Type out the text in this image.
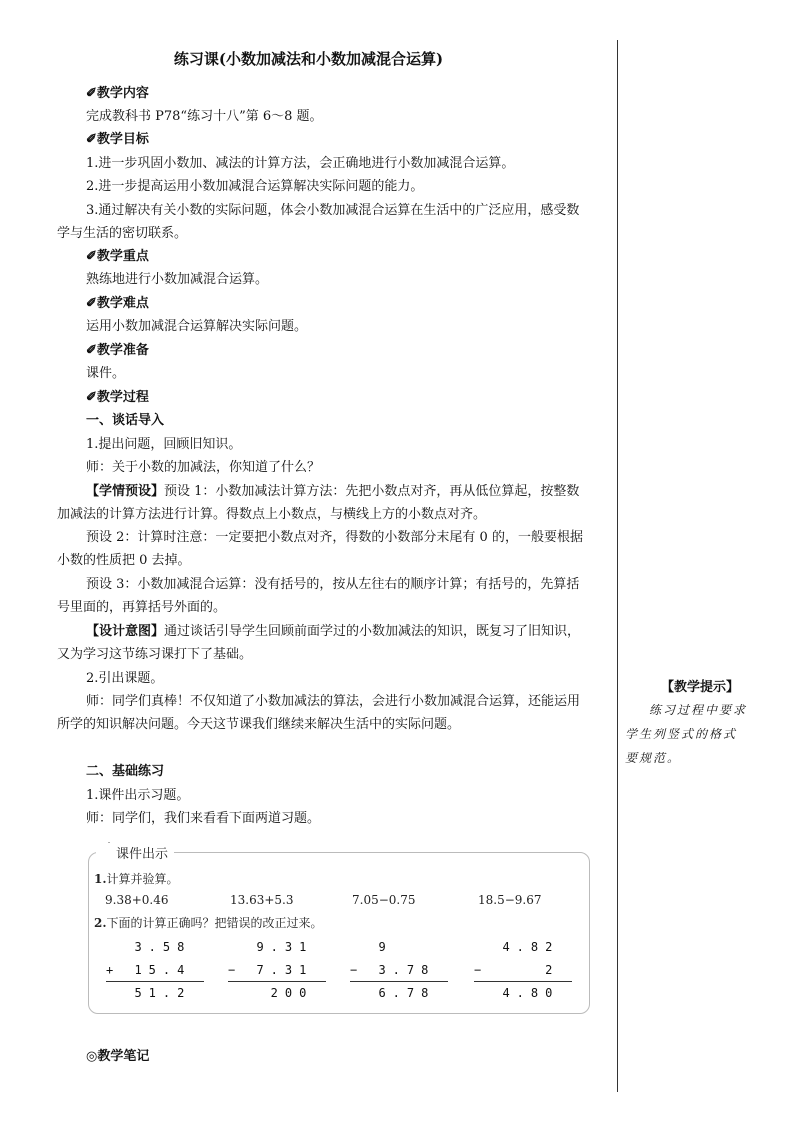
练习课(小数加减法和小数加减混合运算)
✐教学内容
完成教科书 P78“练习十八”第 6～8 题。
✐教学目标
1.进一步巩固小数加、减法的计算方法，会正确地进行小数加减混合运算。
2.进一步提高运用小数加减混合运算解决实际问题的能力。
3.通过解决有关小数的实际问题，体会小数加减混合运算在生活中的广泛应用，感受数
学与生活的密切联系。
✐教学重点
熟练地进行小数加减混合运算。
✐教学难点
运用小数加减混合运算解决实际问题。
✐教学准备
课件。
✐教学过程
一、谈话导入
1.提出问题，回顾旧知识。
师：关于小数的加减法，你知道了什么？
【学情预设】预设 1：小数加减法计算方法：先把小数点对齐，再从低位算起，按整数
加减法的计算方法进行计算。得数点上小数点，与横线上方的小数点对齐。
预设 2：计算时注意：一定要把小数点对齐，得数的小数部分末尾有 0 的，一般要根据
小数的性质把 0 去掉。
预设 3：小数加减混合运算：没有括号的，按从左往右的顺序计算；有括号的，先算括
号里面的，再算括号外面的。
【设计意图】通过谈话引导学生回顾前面学过的小数加减法的知识，既复习了旧知识，
又为学习这节练习课打下了基础。
2.引出课题。
师：同学们真棒！不仅知道了小数加减法的算法，会进行小数加减混合运算，还能运用
所学的知识解决问题。今天这节课我们继续来解决生活中的实际问题。
二、基础练习
1.课件出示习题。
师：同学们，我们来看看下面两道习题。
课件出示
1.计算并验算。
9.38+0.46	13.63+5.3	7.05−0.75	18.5−9.67
2.下面的计算正确吗？把错误的改正过来。
3.58
+ 15.4
51.2
9.31
− 7.31
200
9
− 3.78
6.78
4.82
−    2
4.80
◎教学笔记
【教学提示】
练习过程中要求学生列竖式的格式要规范。
